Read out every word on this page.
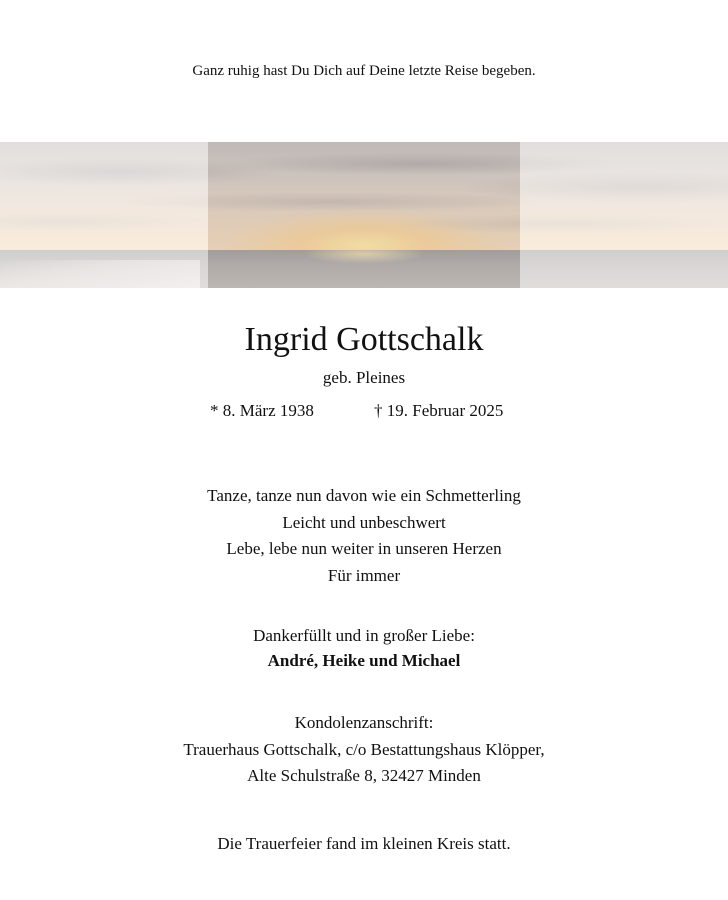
Ganz ruhig hast Du Dich auf Deine letzte Reise begeben.
Ingrid Gottschalk
geb. Pleines
* 8. März 1938	† 19. Februar 2025
Tanze, tanze nun davon wie ein Schmetterling
Leicht und unbeschwert
Lebe, lebe nun weiter in unseren Herzen
Für immer
Dankerfüllt und in großer Liebe:
André, Heike und Michael
Kondolenzanschrift:
Trauerhaus Gottschalk, c/o Bestattungshaus Klöpper,
Alte Schulstraße 8, 32427 Minden
Die Trauerfeier fand im kleinen Kreis statt.
